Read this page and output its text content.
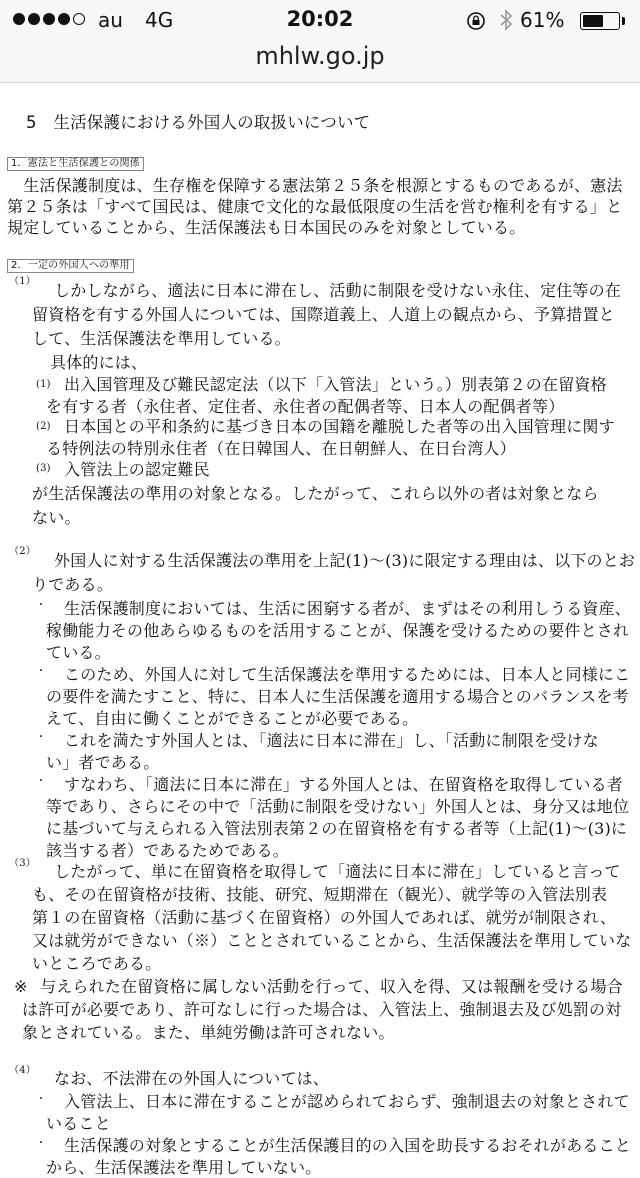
au 4G	20:02	61%
mhlw.go.jp
5　生活保護における外国人の取扱いについて
1．憲法と生活保護との関係
　生活保護制度は、生存権を保障する憲法第２５条を根源とするものであるが、憲法
第２５条は「すべて国民は、健康で文化的な最低限度の生活を営む権利を有する」と
規定していることから、生活保護法も日本国民のみを対象としている。
2．一定の外国人への準用
（1） しかしながら、適法に日本に滞在し、活動に制限を受けない永住、定住等の在
留資格を有する外国人については、国際道義上、人道上の観点から、予算措置と
して、生活保護法を準用している。
具体的には、
(1) 出入国管理及び難民認定法（以下「入管法」という。）別表第２の在留資格
を有する者（永住者、定住者、永住者の配偶者等、日本人の配偶者等）
(2) 日本国との平和条約に基づき日本の国籍を離脱した者等の出入国管理に関す
る特例法の特別永住者（在日韓国人、在日朝鮮人、在日台湾人）
(3) 入管法上の認定難民
が生活保護法の準用の対象となる。したがって、これら以外の者は対象となら
ない。
（2） 外国人に対する生活保護法の準用を上記(1)〜(3)に限定する理由は、以下のとお
りである。
・ 生活保護制度においては、生活に困窮する者が、まずはその利用しうる資産、
稼働能力その他あらゆるものを活用することが、保護を受けるための要件とされ
ている。
・ このため、外国人に対して生活保護法を準用するためには、日本人と同様にこ
の要件を満たすこと、特に、日本人に生活保護を適用する場合とのバランスを考
えて、自由に働くことができることが必要である。
・ これを満たす外国人とは、「適法に日本に滞在」し、「活動に制限を受けな
い」者である。
・ すなわち、「適法に日本に滞在」する外国人とは、在留資格を取得している者
等であり、さらにその中で「活動に制限を受けない」外国人とは、身分又は地位
に基づいて与えられる入管法別表第２の在留資格を有する者等（上記(1)〜(3)に
該当する者）であるためである。
（3） したがって、単に在留資格を取得して「適法に日本に滞在」していると言って
も、その在留資格が技術、技能、研究、短期滞在（観光）、就学等の入管法別表
第１の在留資格（活動に基づく在留資格）の外国人であれば、就労が制限され、
又は就労ができない（※）こととされていることから、生活保護法を準用していな
いところである。
※ 与えられた在留資格に属しない活動を行って、収入を得、又は報酬を受ける場合
は許可が必要であり、許可なしに行った場合は、入管法上、強制退去及び処罰の対
象とされている。また、単純労働は許可されない。
（4） なお、不法滞在の外国人については、
・ 入管法上、日本に滞在することが認められておらず、強制退去の対象とされて
いること
・ 生活保護の対象とすることが生活保護目的の入国を助長するおそれがあること
から、生活保護法を準用していない。
